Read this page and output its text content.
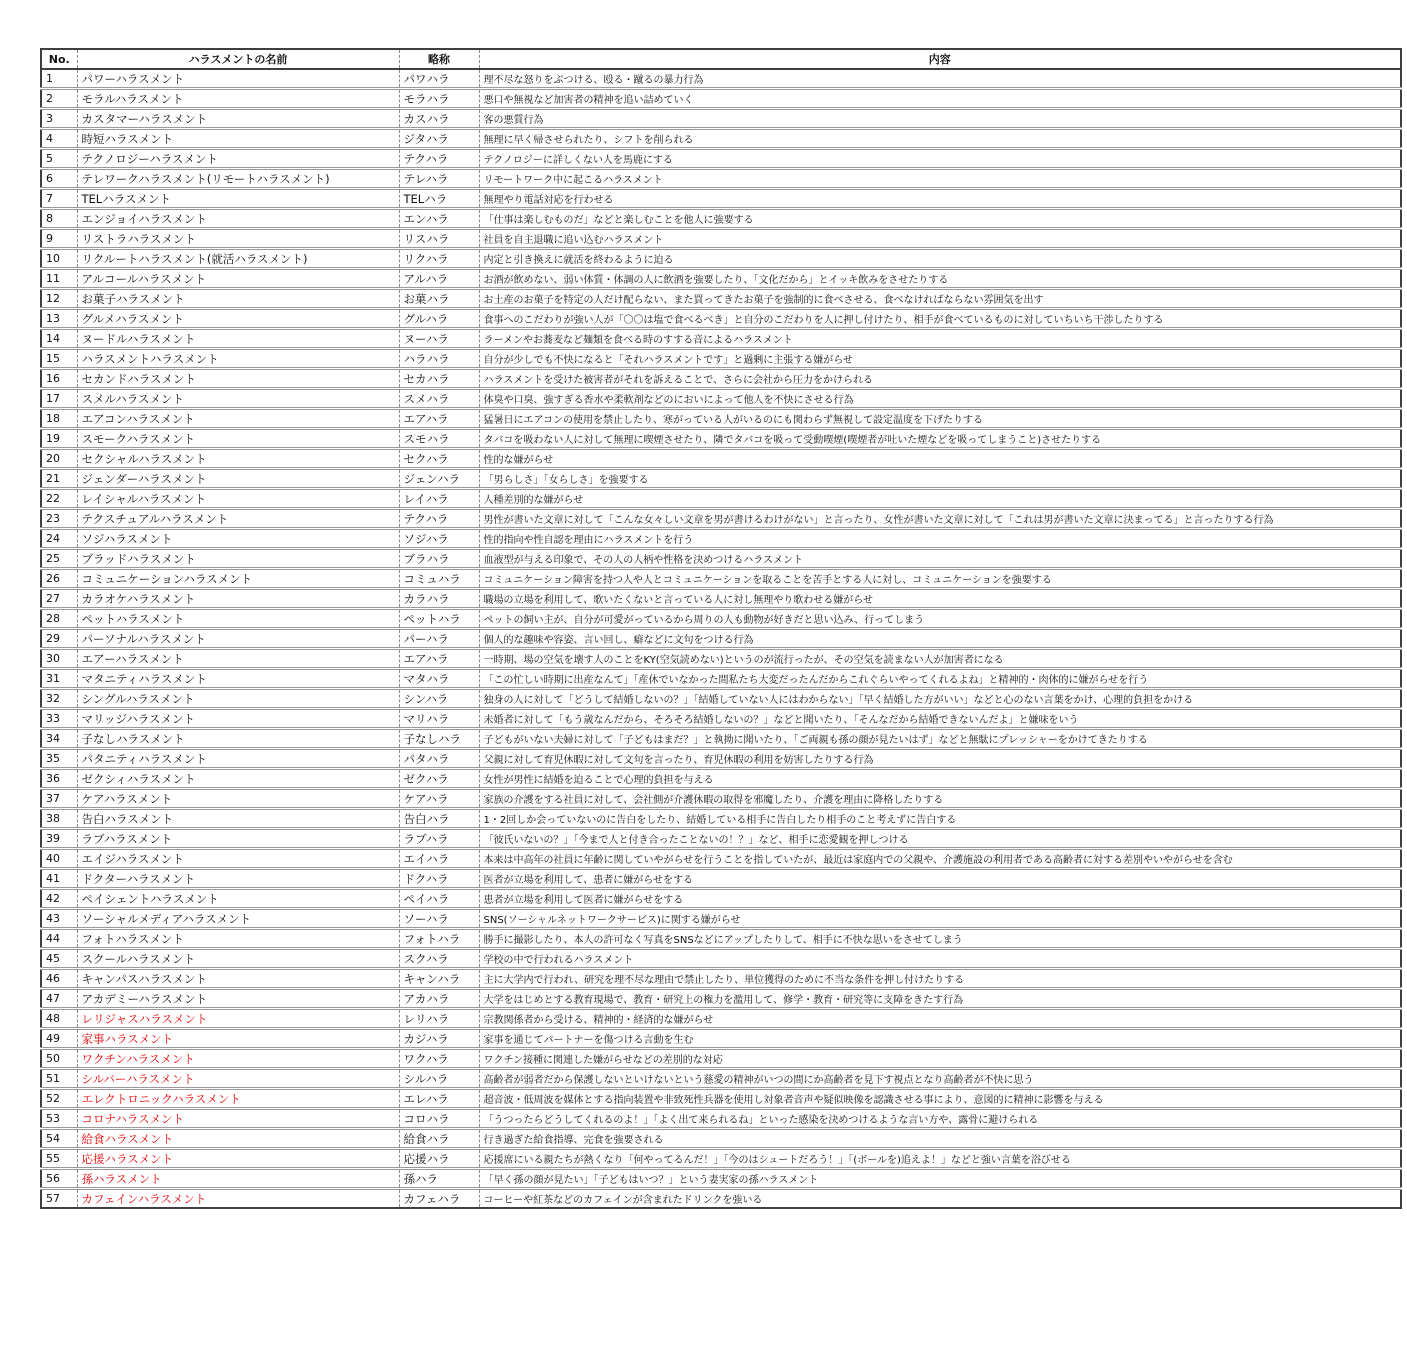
No.	ハラスメントの名前	略称	内容
1	パワーハラスメント	パワハラ	理不尽な怒りをぶつける、殴る・蹴るの暴力行為
2	モラルハラスメント	モラハラ	悪口や無視など加害者の精神を追い詰めていく
3	カスタマーハラスメント	カスハラ	客の悪質行為
4	時短ハラスメント	ジタハラ	無理に早く帰させられたり、シフトを削られる
5	テクノロジーハラスメント	テクハラ	テクノロジーに詳しくない人を馬鹿にする
6	テレワークハラスメント(リモートハラスメント)	テレハラ	リモートワーク中に起こるハラスメント
7	TELハラスメント	TELハラ	無理やり電話対応を行わせる
8	エンジョイハラスメント	エンハラ	「仕事は楽しむものだ」などと楽しむことを他人に強要する
9	リストラハラスメント	リスハラ	社員を自主退職に追い込むハラスメント
10	リクルートハラスメント(就活ハラスメント)	リクハラ	内定と引き換えに就活を終わるように迫る
11	アルコールハラスメント	アルハラ	お酒が飲めない、弱い体質・体調の人に飲酒を強要したり、「文化だから」とイッキ飲みをさせたりする
12	お菓子ハラスメント	お菓ハラ	お土産のお菓子を特定の人だけ配らない、また買ってきたお菓子を強制的に食べさせる、食べなければならない雰囲気を出す
13	グルメハラスメント	グルハラ	食事へのこだわりが強い人が「〇〇は塩で食べるべき」と自分のこだわりを人に押し付けたり、相手が食べているものに対していちいち干渉したりする
14	ヌードルハラスメント	ヌーハラ	ラーメンやお蕎麦など麺類を食べる時のすする音によるハラスメント
15	ハラスメントハラスメント	ハラハラ	自分が少しでも不快になると「それハラスメントです」と過剰に主張する嫌がらせ
16	セカンドハラスメント	セカハラ	ハラスメントを受けた被害者がそれを訴えることで、さらに会社から圧力をかけられる
17	スメルハラスメント	スメハラ	体臭や口臭、強すぎる香水や柔軟剤などのにおいによって他人を不快にさせる行為
18	エアコンハラスメント	エアハラ	猛暑日にエアコンの使用を禁止したり、寒がっている人がいるのにも関わらず無視して設定温度を下げたりする
19	スモークハラスメント	スモハラ	タバコを吸わない人に対して無理に喫煙させたり、隣でタバコを吸って受動喫煙(喫煙者が吐いた煙などを吸ってしまうこと)させたりする
20	セクシャルハラスメント	セクハラ	性的な嫌がらせ
21	ジェンダーハラスメント	ジェンハラ	「男らしさ」「女らしさ」を強要する
22	レイシャルハラスメント	レイハラ	人種差別的な嫌がらせ
23	テクスチュアルハラスメント	テクハラ	男性が書いた文章に対して「こんな女々しい文章を男が書けるわけがない」と言ったり、女性が書いた文章に対して「これは男が書いた文章に決まってる」と言ったりする行為
24	ソジハラスメント	ソジハラ	性的指向や性自認を理由にハラスメントを行う
25	ブラッドハラスメント	ブラハラ	血液型が与える印象で、その人の人柄や性格を決めつけるハラスメント
26	コミュニケーションハラスメント	コミュハラ	コミュニケーション障害を持つ人や人とコミュニケーションを取ることを苦手とする人に対し、コミュニケーションを強要する
27	カラオケハラスメント	カラハラ	職場の立場を利用して、歌いたくないと言っている人に対し無理やり歌わせる嫌がらせ
28	ペットハラスメント	ペットハラ	ペットの飼い主が、自分が可愛がっているから周りの人も動物が好きだと思い込み、行ってしまう
29	パーソナルハラスメント	パーハラ	個人的な趣味や容姿、言い回し、癖などに文句をつける行為
30	エアーハラスメント	エアハラ	一時期、場の空気を壊す人のことをKY(空気読めない)というのが流行ったが、その空気を読まない人が加害者になる
31	マタニティハラスメント	マタハラ	「この忙しい時期に出産なんて」「産休でいなかった間私たち大変だったんだからこれぐらいやってくれるよね」と精神的・肉体的に嫌がらせを行う
32	シングルハラスメント	シンハラ	独身の人に対して「どうして結婚しないの？」「結婚していない人にはわからない」「早く結婚した方がいい」などと心のない言葉をかけ、心理的負担をかける
33	マリッジハラスメント	マリハラ	未婚者に対して「もう歳なんだから、そろそろ結婚しないの？」などと聞いたり、「そんなだから結婚できないんだよ」と嫌味をいう
34	子なしハラスメント	子なしハラ	子どもがいない夫婦に対して「子どもはまだ？」と執拗に聞いたり、「ご両親も孫の顔が見たいはず」などと無駄にプレッシャーをかけてきたりする
35	パタニティハラスメント	パタハラ	父親に対して育児休暇に対して文句を言ったり、育児休暇の利用を妨害したりする行為
36	ゼクシィハラスメント	ゼクハラ	女性が男性に結婚を迫ることで心理的負担を与える
37	ケアハラスメント	ケアハラ	家族の介護をする社員に対して、会社側が介護休暇の取得を邪魔したり、介護を理由に降格したりする
38	告白ハラスメント	告白ハラ	1・2回しか会っていないのに告白をしたり、結婚している相手に告白したり相手のこと考えずに告白する
39	ラブハラスメント	ラブハラ	「彼氏いないの？」「今まで人と付き合ったことないの！？」など、相手に恋愛観を押しつける
40	エイジハラスメント	エイハラ	本来は中高年の社員に年齢に関していやがらせを行うことを指していたが、最近は家庭内での父親や、介護施設の利用者である高齢者に対する差別やいやがらせを含む
41	ドクターハラスメント	ドクハラ	医者が立場を利用して、患者に嫌がらせをする
42	ペイシェントハラスメント	ペイハラ	患者が立場を利用して医者に嫌がらせをする
43	ソーシャルメディアハラスメント	ソーハラ	SNS(ソーシャルネットワークサービス)に関する嫌がらせ
44	フォトハラスメント	フォトハラ	勝手に撮影したり、本人の許可なく写真をSNSなどにアップしたりして、相手に不快な思いをさせてしまう
45	スクールハラスメント	スクハラ	学校の中で行われるハラスメント
46	キャンパスハラスメント	キャンハラ	主に大学内で行われ、研究を理不尽な理由で禁止したり、単位獲得のために不当な条件を押し付けたりする
47	アカデミーハラスメント	アカハラ	大学をはじめとする教育現場で、教育・研究上の権力を濫用して、修学・教育・研究等に支障をきたす行為
48	レリジャスハラスメント	レリハラ	宗教関係者から受ける、精神的・経済的な嫌がらせ
49	家事ハラスメント	カジハラ	家事を通じてパートナーを傷つける言動を生む
50	ワクチンハラスメント	ワクハラ	ワクチン接種に関連した嫌がらせなどの差別的な対応
51	シルバーハラスメント	シルハラ	高齢者が弱者だから保護しないといけないという慈愛の精神がいつの間にか高齢者を見下す視点となり高齢者が不快に思う
52	エレクトロニックハラスメント	エレハラ	超音波・低周波を媒体とする指向装置や非致死性兵器を使用し対象者音声や疑似映像を認識させる事により、意図的に精神に影響を与える
53	コロナハラスメント	コロハラ	「うつったらどうしてくれるのよ！」「よく出て来られるね」といった感染を決めつけるような言い方や、露骨に避けられる
54	給食ハラスメント	給食ハラ	行き過ぎた給食指導、完食を強要される
55	応援ハラスメント	応援ハラ	応援席にいる親たちが熱くなり「何やってるんだ！」「今のはシュートだろう！」「(ボールを)追えよ！」などと強い言葉を浴びせる
56	孫ハラスメント	孫ハラ	「早く孫の顔が見たい」「子どもはいつ？」という妻実家の孫ハラスメント
57	カフェインハラスメント	カフェハラ	コーヒーや紅茶などのカフェインが含まれたドリンクを強いる
